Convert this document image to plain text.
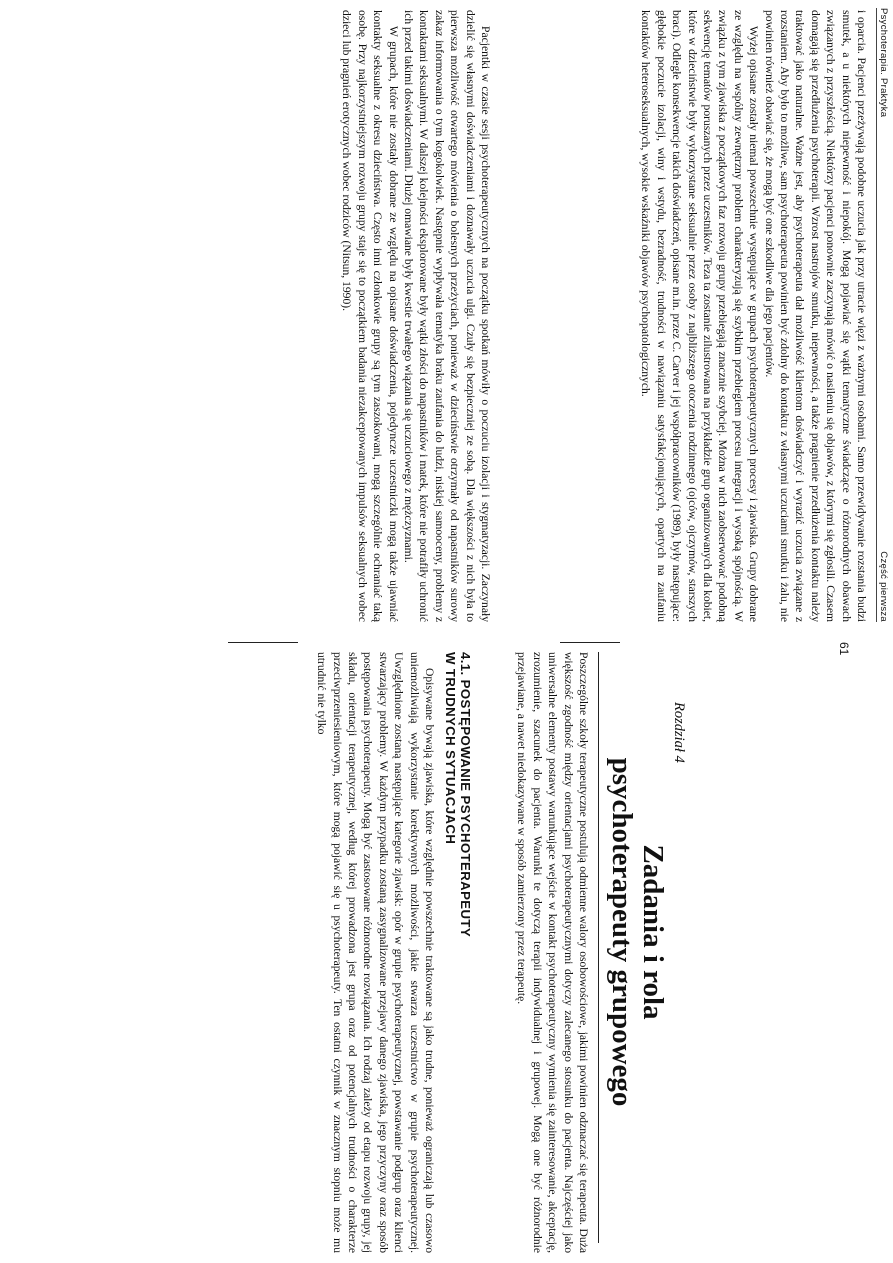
Psychoterapia. Praktyka
Część pierwsza

i oparcia. Pacjenci przeżywają podobne uczucia jak przy utracie więzi z ważnymi osobami. Samo przewidywanie rozstania budzi smutek, a u niektórych niepewność i niepokój. Mogą pojawiać się wątki tematyczne świadczące o różnorodnych obawach związanych z przyszłością. Niektórzy pacjenci ponownie zaczynają mówić o nasileniu się objawów, z którymi się zgłosili. Czasem domagają się przedłużenia psychoterapii. Wzrost nastrojów smutku, niepewności, a także pragnienie przedłużenia kontaktu należy traktować jako naturalne. Ważne jest, aby psychoterapeuta dał możliwość klientom doświadczyć i wyrazić uczucia związane z rozstaniem. Aby było to możliwe, sam psychoterapeuta powinien być zdolny do kontaktu z własnymi uczuciami smutku i żalu, nie powinien również obawiać się, że mogą być one szkodliwe dla jego pacjentów.

Wyżej opisane zostały niemal powszechnie występujące w grupach psychoterapeutycznych procesy i zjawiska. Grupy dobrane ze względu na wspólny zewnętrzny problem charakteryzują się szybkim przebiegiem procesu integracji i wysoką spójnością. W związku z tym zjawiska z początkowych faz rozwoju grupy przebiegają znacznie szybciej. Można w nich zaobserwować podobną sekwencję tematów poruszanych przez uczestników. Teza ta zostanie zilustrowana na przykładzie grup organizowanych dla kobiet, które w dzieciństwie były wykorzystane seksualnie przez osoby z najbliższego otoczenia rodzinnego (ojców, ojczymów, starszych braci). Odległe konsekwencje takich doświadczeń, opisane m.in. przez C. Carver i jej współpracowników (1989), były następujące: głębokie poczucie izolacji, winy i wstydu, bezradność, trudności w nawiązaniu satysfakcjonujących, opartych na zaufaniu kontaktów heteroseksualnych, wysokie wskaźniki objawów psychopatologicznych.

Pacjentki w czasie sesji psychoterapeutycznych na początku spotkań mówiły o poczuciu izolacji i stygmatyzacji. Zaczynały dzielić się własnymi doświadczeniami i doznawały uczucia ulgi. Czuły się bezpieczniej ze sobą. Dla większości z nich była to pierwsza możliwość otwartego mówienia o bolesnych przeżyciach, ponieważ w dzieciństwie otrzymały od napastników surowy zakaz informowania o tym kogokolwiek. Następnie wypływała tematyka braku zaufania do ludzi, niskiej samooceny, problemy z kontaktami seksualnymi. W dalszej kolejności eksplorowane były wątki złości do napastników i matek, które nie potrafiły uchronić ich przed takimi doświadczeniami. Dłużej omawiane były kwestie trwałego wiązania się uczuciowego z mężczyznami.

W grupach, które nie zostały dobrane ze względu na opisane doświadczenia, pojedyncze uczestniczki mogą także ujawniać kontakty seksualne z okresu dzieciństwa. Często inni członkowie grupy są tym zaszokowani, mogą szczególnie ochraniać taką osobę. Przy najkorzystniejszym rozwoju grupy staje się to początkiem badania niezakceptowanych impulsów seksualnych wobec dzieci lub pragnień erotycznych wobec rodziców (Nitsun, 1990).

61
Rozdział 4
Zadania i rola
psychoterapeuty grupowego

Poszczególne szkoły terapeutyczne postulują odmienne walory osobowościowe, jakimi powinien odznaczać się terapeuta. Duża większość zgodność między orientacjami psychoterapeutycznymi dotyczy zalecanego stosunku do pacjenta. Najczęściej jako uniwersalne elementy postawy warunkujące wejście w kontakt psychoterapeutyczny wymienia się zainteresowanie, akceptację, zrozumienie, szacunek do pacjenta. Warunki te dotyczą terapii indywidualnej i grupowej. Mogą one być różnorodnie przejawiane, a nawet niedokazywane w sposób zamierzony przez terapeutę.

4.1. POSTĘPOWANIE PSYCHOTERAPEUTY
W TRUDNYCH SYTUACJACH

Opisywane bywają zjawiska, które względnie powszechnie traktowane są jako trudne, ponieważ ograniczają lub czasowo uniemożliwiają wykorzystanie korektywnych możliwości, jakie stwarza uczestnictwo w grupie psychoterapeutycznej. Uwzględnione zostaną następujące kategorie zjawisk: opór w grupie psychoterapeutycznej, powstawanie podgrup oraz klienci stwarzający problemy. W każdym przypadku zostaną zasygnalizowane przejawy danego zjawiska, jego przyczyny oraz sposób postępowania psychoterapeuty. Mogą być zastosowane różnorodne rozwiązania. Ich rodzaj zależy od etapu rozwoju grupy, jej składu, orientacji terapeutycznej, według której prowadzona jest grupa oraz od potencjalnych trudności o charakterze przeciwprzeniesieniowym, które mogą pojawić się u psychoterapeuty. Ten ostatni czynnik w znacznym stopniu może mu utrudnić nie tylko
